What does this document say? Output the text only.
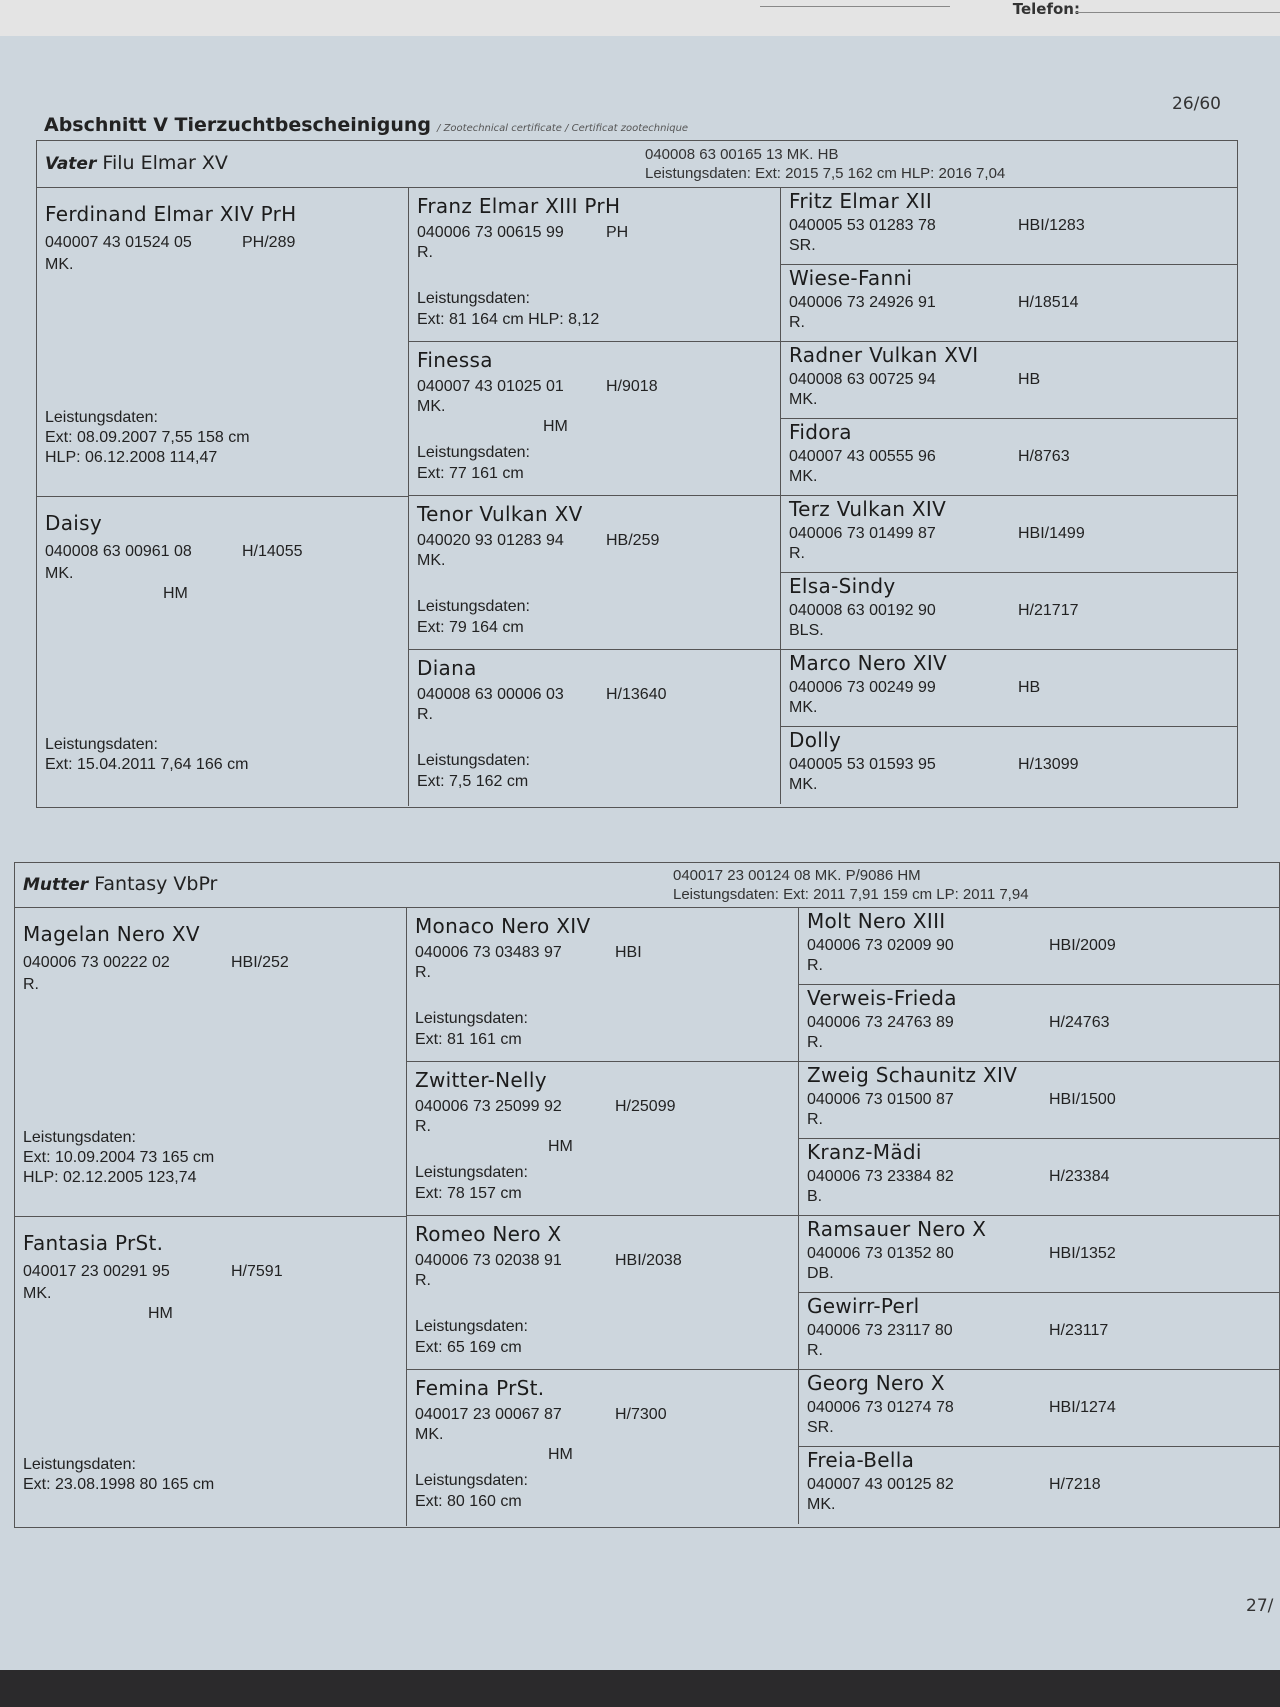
Telefon:
26/60
Abschnitt V Tierzuchtbescheinigung / Zootechnical certificate / Certificat zootechnique
Vater Filu Elmar XV	040008 63 00165 13 MK. HB
Leistungsdaten: Ext: 2015 7,5 162 cm HLP: 2016 7,04
Ferdinand Elmar XIV PrH
040007 43 01524 05	PH/289
MK.
Leistungsdaten:
Ext: 08.09.2007 7,55 158 cm
HLP: 06.12.2008 114,47
Franz Elmar XIII PrH
040006 73 00615 99	PH
R.
Leistungsdaten:
Ext: 81 164 cm HLP: 8,12
Fritz Elmar XII
040005 53 01283 78	HBI/1283
SR.
Wiese-Fanni
040006 73 24926 91	H/18514
R.
Finessa
040007 43 01025 01	H/9018
MK.
HM
Leistungsdaten:
Ext: 77 161 cm
Radner Vulkan XVI
040008 63 00725 94	HB
MK.
Fidora
040007 43 00555 96	H/8763
MK.
Daisy
040008 63 00961 08	H/14055
MK.
HM
Leistungsdaten:
Ext: 15.04.2011 7,64 166 cm
Tenor Vulkan XV
040020 93 01283 94	HB/259
MK.
Leistungsdaten:
Ext: 79 164 cm
Terz Vulkan XIV
040006 73 01499 87	HBI/1499
R.
Elsa-Sindy
040008 63 00192 90	H/21717
BLS.
Diana
040008 63 00006 03	H/13640
R.
Leistungsdaten:
Ext: 7,5 162 cm
Marco Nero XIV
040006 73 00249 99	HB
MK.
Dolly
040005 53 01593 95	H/13099
MK.
Mutter Fantasy VbPr	040017 23 00124 08 MK. P/9086 HM
Leistungsdaten: Ext: 2011 7,91 159 cm LP: 2011 7,94
Magelan Nero XV
040006 73 00222 02	HBI/252
R.
Leistungsdaten:
Ext: 10.09.2004 73 165 cm
HLP: 02.12.2005 123,74
Monaco Nero XIV
040006 73 03483 97	HBI
R.
Leistungsdaten:
Ext: 81 161 cm
Molt Nero XIII
040006 73 02009 90	HBI/2009
R.
Verweis-Frieda
040006 73 24763 89	H/24763
R.
Zwitter-Nelly
040006 73 25099 92	H/25099
R.
HM
Leistungsdaten:
Ext: 78 157 cm
Zweig Schaunitz XIV
040006 73 01500 87	HBI/1500
R.
Kranz-Mädi
040006 73 23384 82	H/23384
B.
Fantasia PrSt.
040017 23 00291 95	H/7591
MK.
HM
Leistungsdaten:
Ext: 23.08.1998 80 165 cm
Romeo Nero X
040006 73 02038 91	HBI/2038
R.
Leistungsdaten:
Ext: 65 169 cm
Ramsauer Nero X
040006 73 01352 80	HBI/1352
DB.
Gewirr-Perl
040006 73 23117 80	H/23117
R.
Femina PrSt.
040017 23 00067 87	H/7300
MK.
HM
Leistungsdaten:
Ext: 80 160 cm
Georg Nero X
040006 73 01274 78	HBI/1274
SR.
Freia-Bella
040007 43 00125 82	H/7218
MK.
27/
